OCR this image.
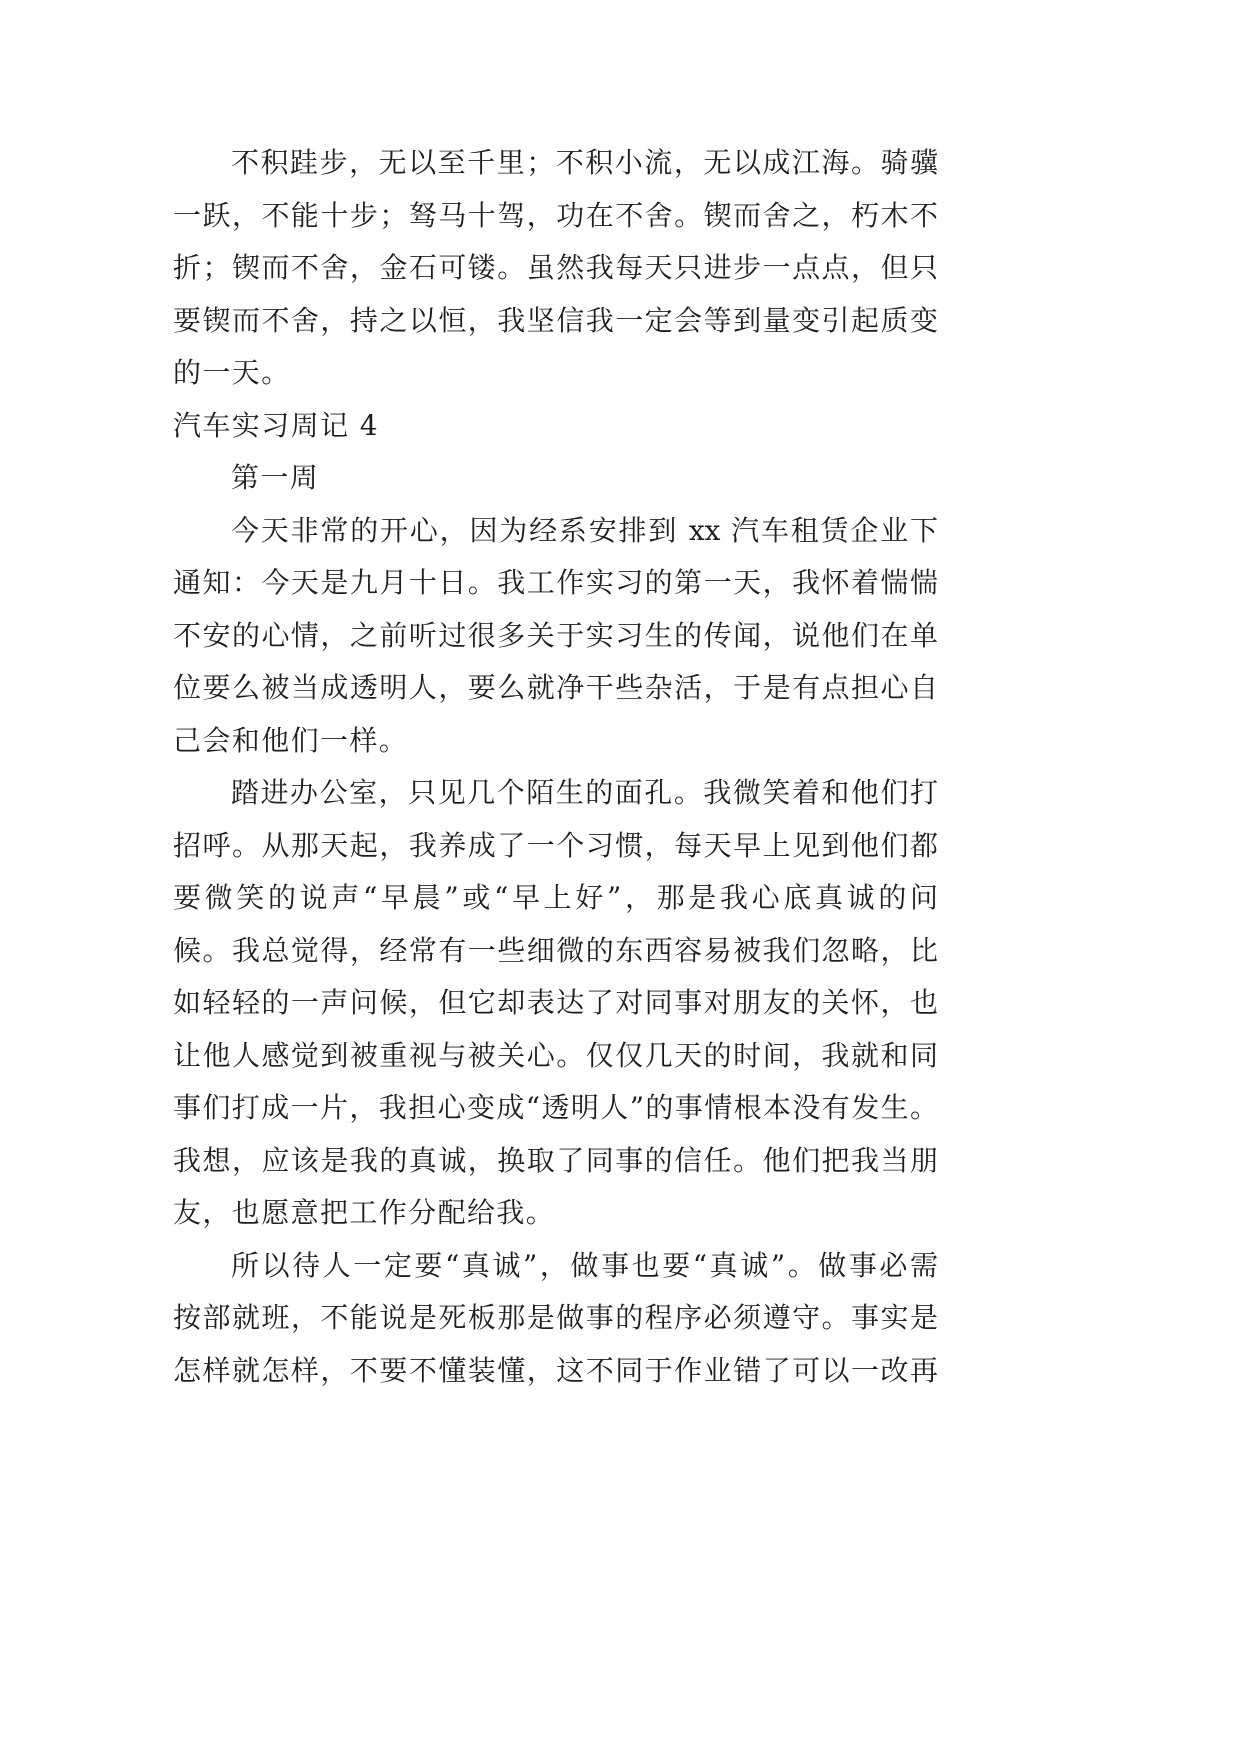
不积跬步，无以至千里；不积小流，无以成江海。骑骥
一跃，不能十步；驽马十驾，功在不舍。锲而舍之，朽木不
折；锲而不舍，金石可镂。虽然我每天只进步一点点，但只
要锲而不舍，持之以恒，我坚信我一定会等到量变引起质变
的一天。
汽车实习周记 4
第一周
今天非常的开心，因为经系安排到 xx 汽车租赁企业下
通知：今天是九月十日。我工作实习的第一天，我怀着惴惴
不安的心情，之前听过很多关于实习生的传闻，说他们在单
位要么被当成透明人，要么就净干些杂活，于是有点担心自
己会和他们一样。
踏进办公室，只见几个陌生的面孔。我微笑着和他们打
招呼。从那天起，我养成了一个习惯，每天早上见到他们都
要微笑的说声“早晨”或“早上好”，那是我心底真诚的问
候。我总觉得，经常有一些细微的东西容易被我们忽略，比
如轻轻的一声问候，但它却表达了对同事对朋友的关怀，也
让他人感觉到被重视与被关心。仅仅几天的时间，我就和同
事们打成一片，我担心变成“透明人”的事情根本没有发生。
我想，应该是我的真诚，换取了同事的信任。他们把我当朋
友，也愿意把工作分配给我。
所以待人一定要“真诚”，做事也要“真诚”。做事必需
按部就班，不能说是死板那是做事的程序必须遵守。事实是
怎样就怎样，不要不懂装懂，这不同于作业错了可以一改再
